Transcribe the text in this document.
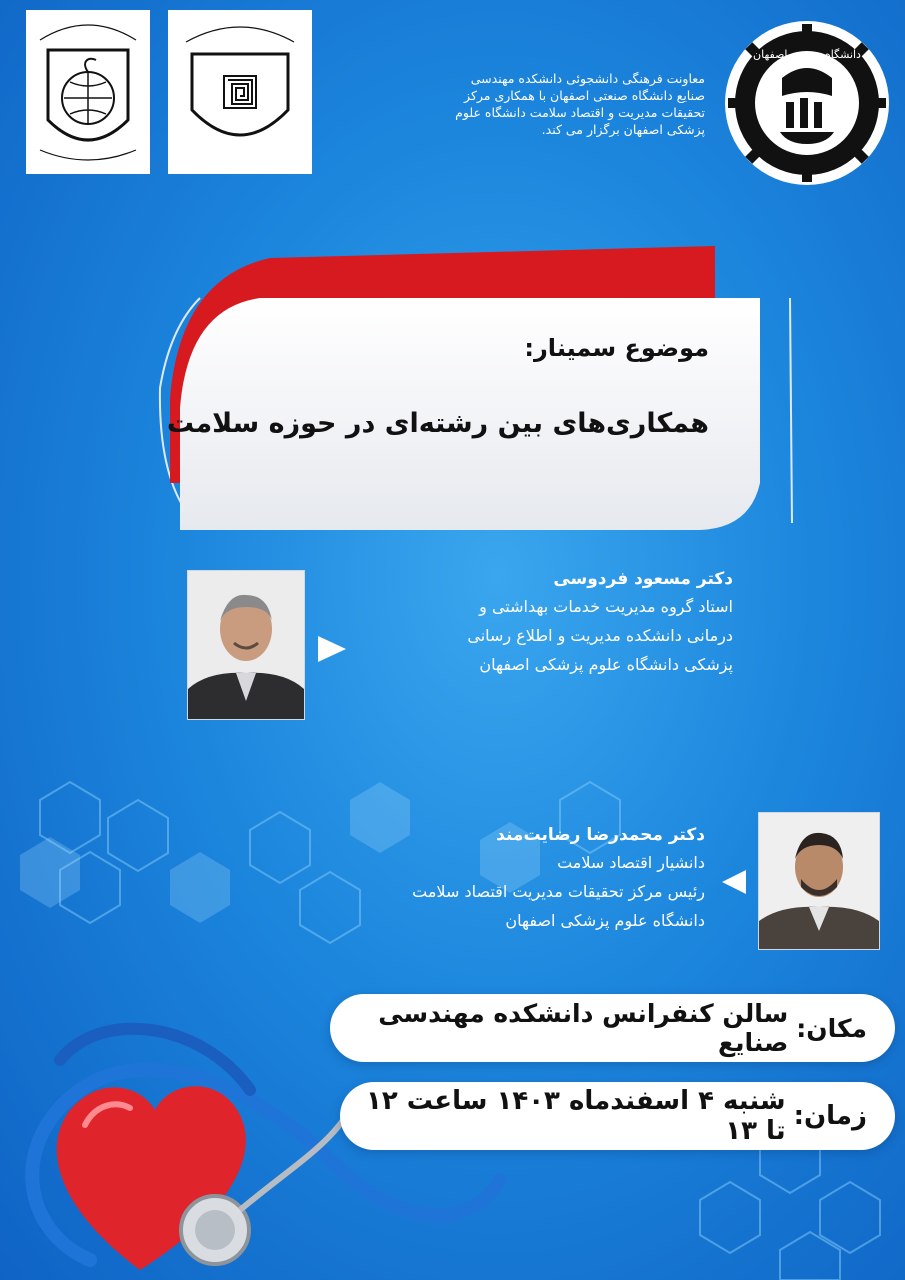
دانشگاه صنعتی اصفهان
معاونت فرهنگی دانشجوئی دانشکده مهندسی
صنایع دانشگاه صنعتی اصفهان با همکاری مرکز
تحقیقات مدیریت و اقتصاد سلامت دانشگاه علوم
پزشکی اصفهان برگزار می کند.
موضوع سمینار:
همکاری‌های بین رشته‌ای در حوزه سلامت
دکتر مسعود فردوسی
استاد گروه مدیریت خدمات بهداشتی و
درمانی دانشکده مدیریت و اطلاع رسانی
پزشکی دانشگاه علوم پزشکی اصفهان
دکتر محمدرضا رضایت‌مند
دانشیار اقتصاد سلامت
رئیس مرکز تحقیقات مدیریت اقتصاد سلامت
دانشگاه علوم پزشکی اصفهان
مکان:
سالن کنفرانس دانشکده مهندسی صنایع
زمان:
شنبه ۴ اسفندماه ۱۴۰۳ ساعت ۱۲ تا ۱۳
